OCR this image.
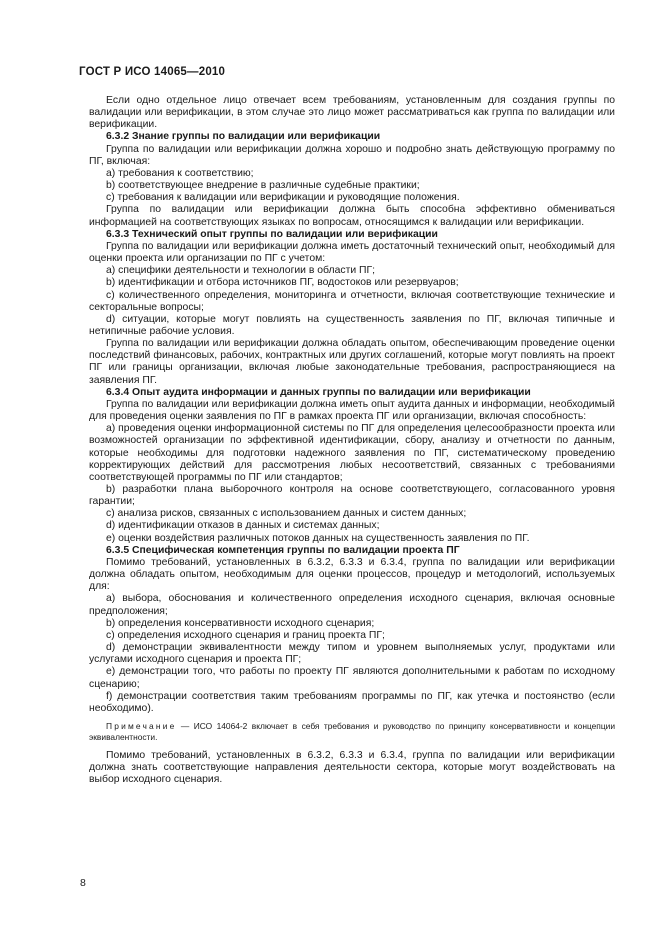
ГОСТ Р ИСО 14065—2010

Если одно отдельное лицо отвечает всем требованиям, установленным для создания группы по валидации или верификации, в этом случае это лицо может рассматриваться как группа по валидации или верификации.

6.3.2 Знание группы по валидации или верификации

Группа по валидации или верификации должна хорошо и подробно знать действующую программу по ПГ, включая:

a) требования к соответствию;

b) соответствующее внедрение в различные судебные практики;

c) требования к валидации или верификации и руководящие положения.

Группа по валидации или верификации должна быть способна эффективно обмениваться информацией на соответствующих языках по вопросам, относящимся к валидации или верификации.

6.3.3 Технический опыт группы по валидации или верификации

Группа по валидации или верификации должна иметь достаточный технический опыт, необходимый для оценки проекта или организации по ПГ с учетом:

a) специфики деятельности и технологии в области ПГ;

b) идентификации и отбора источников ПГ, водостоков или резервуаров;

c) количественного определения, мониторинга и отчетности, включая соответствующие технические и секторальные вопросы;

d) ситуации, которые могут повлиять на существенность заявления по ПГ, включая типичные и нетипичные рабочие условия.

Группа по валидации или верификации должна обладать опытом, обеспечивающим проведение оценки последствий финансовых, рабочих, контрактных или других соглашений, которые могут повлиять на проект ПГ или границы организации, включая любые законодательные требования, распространяющиеся на заявления ПГ.

6.3.4 Опыт аудита информации и данных группы по валидации или верификации

Группа по валидации или верификации должна иметь опыт аудита данных и информации, необходимый для проведения оценки заявления по ПГ в рамках проекта ПГ или организации, включая способность:

a) проведения оценки информационной системы по ПГ для определения целесообразности проекта или возможностей организации по эффективной идентификации, сбору, анализу и отчетности по данным, которые необходимы для подготовки надежного заявления по ПГ, систематическому проведению корректирующих действий для рассмотрения любых несоответствий, связанных с требованиями соответствующей программы по ПГ или стандартов;

b) разработки плана выборочного контроля на основе соответствующего, согласованного уровня гарантии;

c) анализа рисков, связанных с использованием данных и систем данных;

d) идентификации отказов в данных и системах данных;

e) оценки воздействия различных потоков данных на существенность заявления по ПГ.

6.3.5 Специфическая компетенция группы по валидации проекта ПГ

Помимо требований, установленных в 6.3.2, 6.3.3 и 6.3.4, группа по валидации или верификации должна обладать опытом, необходимым для оценки процессов, процедур и методологий, используемых для:

a) выбора, обоснования и количественного определения исходного сценария, включая основные предположения;

b) определения консервативности исходного сценария;

c) определения исходного сценария и границ проекта ПГ;

d) демонстрации эквивалентности между типом и уровнем выполняемых услуг, продуктами или услугами исходного сценария и проекта ПГ;

e) демонстрации того, что работы по проекту ПГ являются дополнительными к работам по исходному сценарию;

f) демонстрации соответствия таким требованиям программы по ПГ, как утечка и постоянство (если необходимо).

Примечание — ИСО 14064-2 включает в себя требования и руководство по принципу консервативности и концепции эквивалентности.

Помимо требований, установленных в 6.3.2, 6.3.3 и 6.3.4, группа по валидации или верификации должна знать соответствующие направления деятельности сектора, которые могут воздействовать на выбор исходного сценария.

8
